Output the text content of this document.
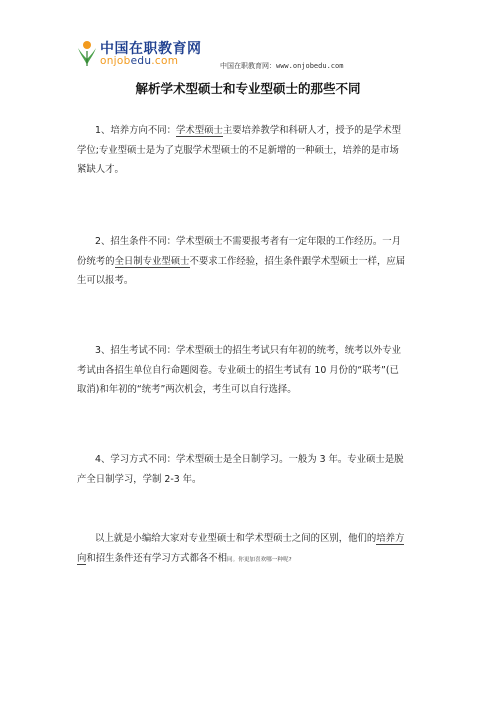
中国在职教育网
onjobedu.com	中国在职教育网：www.onjobedu.com
解析学术型硕士和专业型硕士的那些不同
1、培养方向不同：学术型硕士主要培养教学和科研人才，授予的是学术型
学位;专业型硕士是为了克服学术型硕士的不足新增的一种硕士，培养的是市场
紧缺人才。
2、招生条件不同：学术型硕士不需要报考者有一定年限的工作经历。一月
份统考的全日制专业型硕士不要求工作经验，招生条件跟学术型硕士一样，应届
生可以报考。
3、招生考试不同：学术型硕士的招生考试只有年初的统考，统考以外专业
考试由各招生单位自行命题阅卷。专业硕士的招生考试有 10 月份的“联考”(已
取消)和年初的“统考”两次机会，考生可以自行选择。
4、学习方式不同：学术型硕士是全日制学习。一般为 3 年。专业硕士是脱
产全日制学习，学制 2-3 年。
以上就是小编给大家对专业型硕士和学术型硕士之间的区别，他们的培养方
向和招生条件还有学习方式都各不相同。你更加喜欢哪一种呢?
